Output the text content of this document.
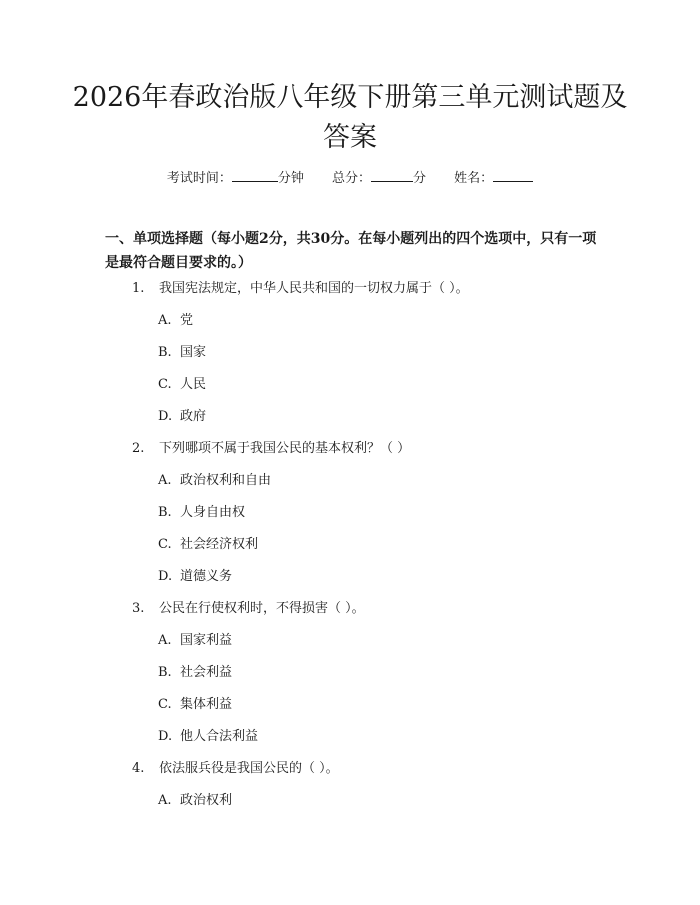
2026年春政治版八年级下册第三单元测试题及答案
考试时间：	分钟 总分：	分 姓名：

一、单项选择题（每小题2分，共30分。在每小题列出的四个选项中，只有一项是最符合题目要求的。）

1. 我国宪法规定，中华人民共和国的一切权力属于（ ）。
A. 党
B. 国家
C. 人民
D. 政府
2. 下列哪项不属于我国公民的基本权利？（ ）
A. 政治权利和自由
B. 人身自由权
C. 社会经济权利
D. 道德义务
3. 公民在行使权利时，不得损害（ ）。
A. 国家利益
B. 社会利益
C. 集体利益
D. 他人合法利益
4. 依法服兵役是我国公民的（ ）。
A. 政治权利
